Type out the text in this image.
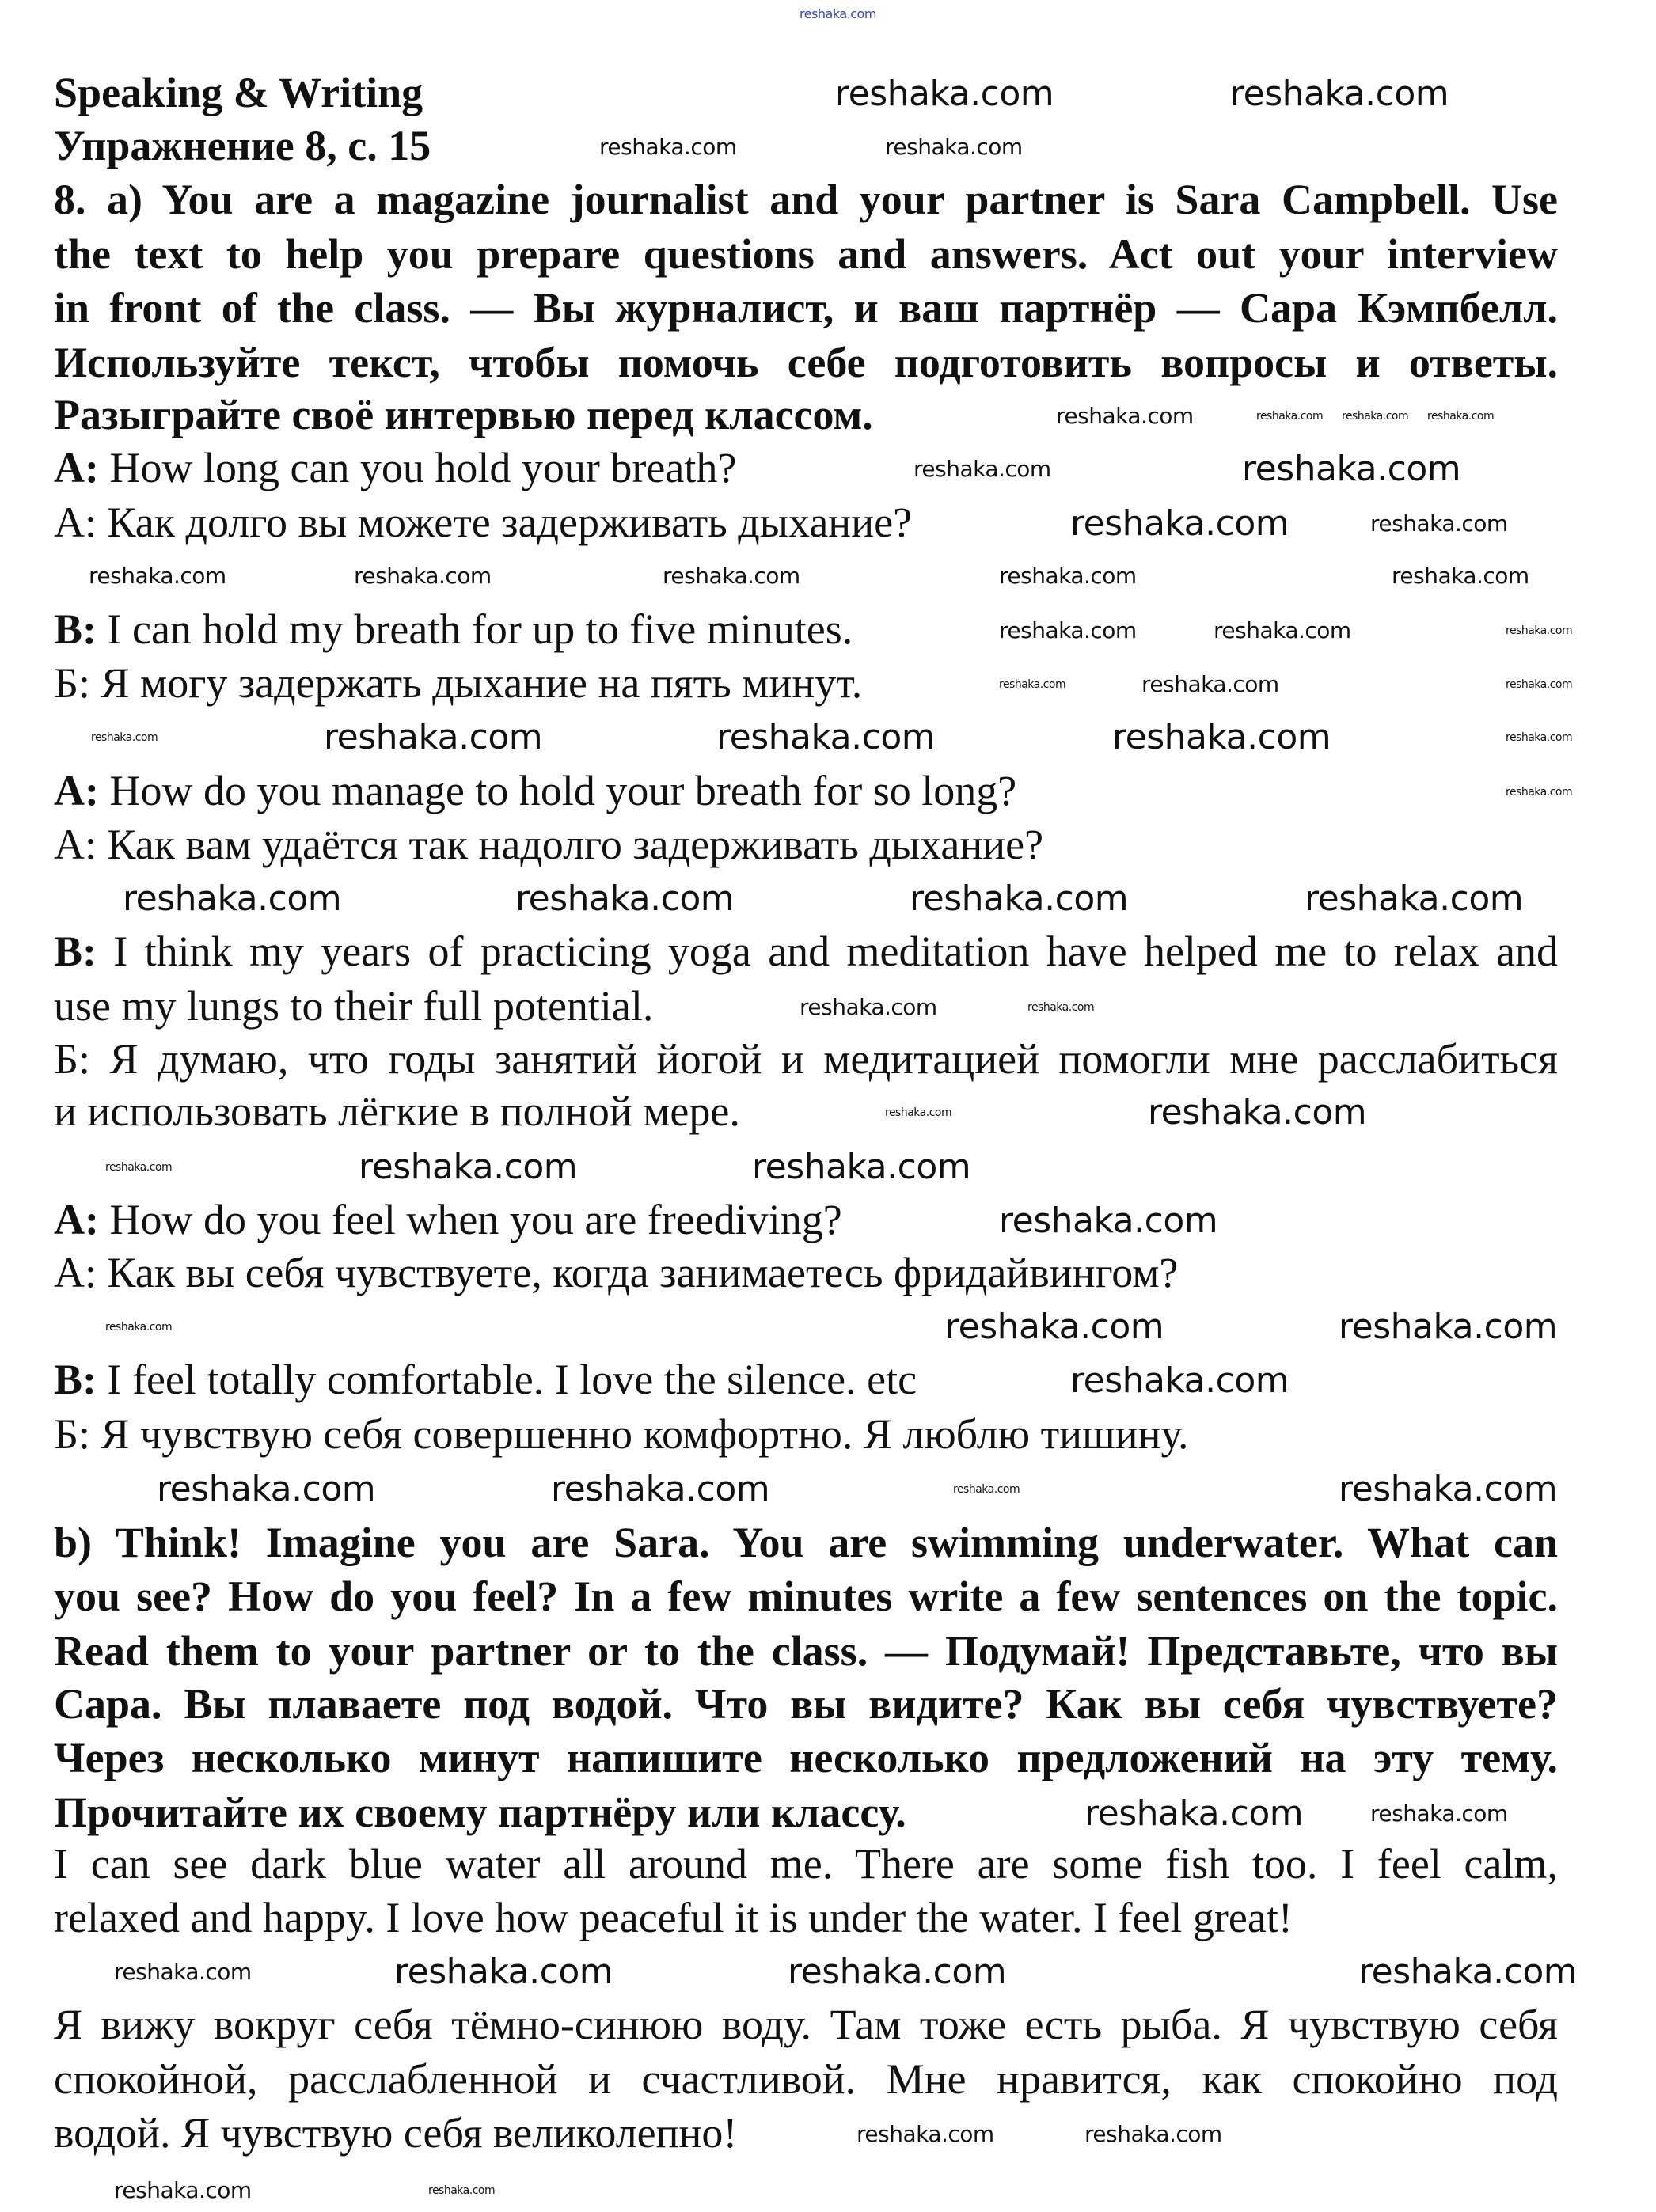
Speaking & Writing
Упражнение 8, с. 15
8. a) You are a magazine journalist and your partner is Sara Campbell. Use
the text to help you prepare questions and answers. Act out your interview
in front of the class. — Вы журналист, и ваш партнёр — Сара Кэмпбелл.
Используйте текст, чтобы помочь себе подготовить вопросы и ответы.
Разыграйте своё интервью перед классом.
A: How long can you hold your breath?
А: Как долго вы можете задерживать дыхание?
B: I can hold my breath for up to five minutes.
Б: Я могу задержать дыхание на пять минут.
A: How do you manage to hold your breath for so long?
А: Как вам удаётся так надолго задерживать дыхание?
B: I think my years of practicing yoga and meditation have helped me to relax and
use my lungs to their full potential.
Б: Я думаю, что годы занятий йогой и медитацией помогли мне расслабиться
и использовать лёгкие в полной мере.
A: How do you feel when you are freediving?
А: Как вы себя чувствуете, когда занимаетесь фридайвингом?
B: I feel totally comfortable. I love the silence. etc
Б: Я чувствую себя совершенно комфортно. Я люблю тишину.
b) Think! Imagine you are Sara. You are swimming underwater. What can
you see? How do you feel? In a few minutes write a few sentences on the topic.
Read them to your partner or to the class. — Подумай! Представьте, что вы
Сара. Вы плаваете под водой. Что вы видите? Как вы себя чувствуете?
Через несколько минут напишите несколько предложений на эту тему.
Прочитайте их своему партнёру или классу.
I can see dark blue water all around me. There are some fish too. I feel calm,
relaxed and happy. I love how peaceful it is under the water. I feel great!
Я вижу вокруг себя тёмно-синюю воду. Там тоже есть рыба. Я чувствую себя
спокойной, расслабленной и счастливой. Мне нравится, как спокойно под
водой. Я чувствую себя великолепно!
reshaka.com
reshaka.com	reshaka.com
reshaka.com	reshaka.com
reshaka.com	reshaka.com reshaka.com reshaka.com
reshaka.com	reshaka.com
reshaka.com	reshaka.com
reshaka.com	reshaka.com	reshaka.com	reshaka.com	reshaka.com
reshaka.com	reshaka.com	reshaka.com
reshaka.com	reshaka.com	reshaka.com
reshaka.com	reshaka.com	reshaka.com	reshaka.com	reshaka.com
reshaka.com
reshaka.com	reshaka.com	reshaka.com	reshaka.com
reshaka.com	reshaka.com
reshaka.com	reshaka.com
reshaka.com	reshaka.com	reshaka.com
reshaka.com
reshaka.com	reshaka.com	reshaka.com
reshaka.com
reshaka.com	reshaka.com	reshaka.com	reshaka.com
reshaka.com	reshaka.com
reshaka.com	reshaka.com	reshaka.com	reshaka.com
reshaka.com	reshaka.com
reshaka.com	reshaka.com
